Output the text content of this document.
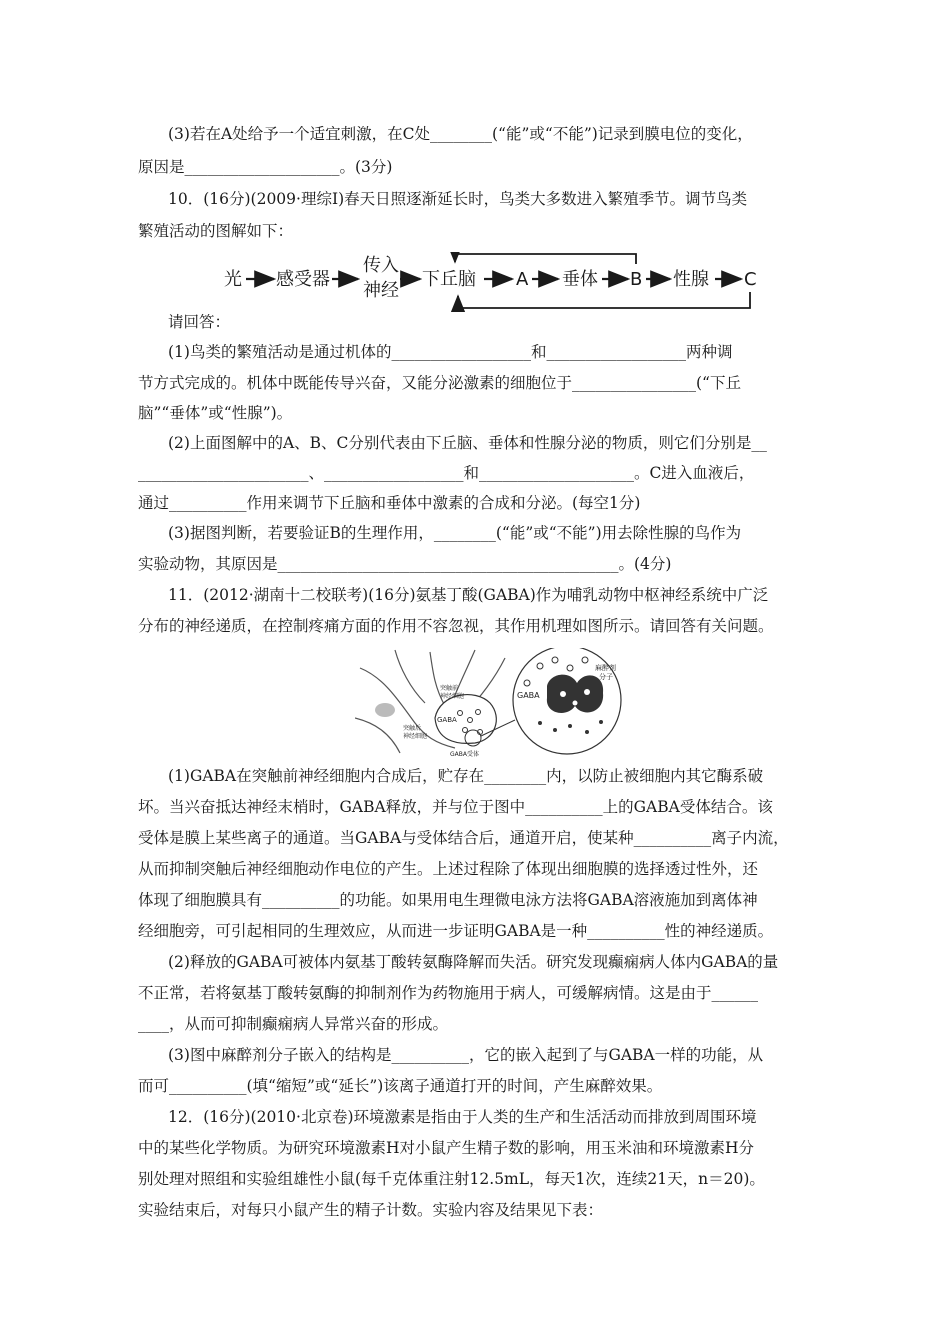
(3)若在A处给予一个适宜刺激，在C处________(“能”或“不能”)记录到膜电位的变化，
原因是____________________。(3分)
10．(16分)(2009·理综Ⅰ)春天日照逐渐延长时，鸟类大多数进入繁殖季节。调节鸟类
繁殖活动的图解如下：
光 感受器
传入
神经
下丘脑 A 垂体 B 性腺 C
请回答：
(1)鸟类的繁殖活动是通过机体的__________________和__________________两种调
节方式完成的。机体中既能传导兴奋，又能分泌激素的细胞位于________________(“下丘
脑”“垂体”或“性腺”)。
(2)上面图解中的A、B、C分别代表由下丘脑、垂体和性腺分泌的物质，则它们分别是__
______________________、__________________和____________________。C进入血液后，
通过__________作用来调节下丘脑和垂体中激素的合成和分泌。(每空1分)
(3)据图判断，若要验证B的生理作用，________(“能”或“不能”)用去除性腺的鸟作为
实验动物，其原因是____________________________________________。(4分)
11．(2012·湖南十二校联考)(16分)氨基丁酸(GABA)作为哺乳动物中枢神经系统中广泛
分布的神经递质，在控制疼痛方面的作用不容忽视，其作用机理如图所示。请回答有关问题。
突触前
神经细胞
GABA
突触后
神经细胞
GABA受体
GABA
麻醉剂
分子
(1)GABA在突触前神经细胞内合成后，贮存在________内，以防止被细胞内其它酶系破
坏。当兴奋抵达神经末梢时，GABA释放，并与位于图中__________上的GABA受体结合。该
受体是膜上某些离子的通道。当GABA与受体结合后，通道开启，使某种__________离子内流，
从而抑制突触后神经细胞动作电位的产生。上述过程除了体现出细胞膜的选择透过性外，还
体现了细胞膜具有__________的功能。如果用电生理微电泳方法将GABA溶液施加到离体神
经细胞旁，可引起相同的生理效应，从而进一步证明GABA是一种__________性的神经递质。
(2)释放的GABA可被体内氨基丁酸转氨酶降解而失活。研究发现癫痫病人体内GABA的量
不正常，若将氨基丁酸转氨酶的抑制剂作为药物施用于病人，可缓解病情。这是由于______
____，从而可抑制癫痫病人异常兴奋的形成。
(3)图中麻醉剂分子嵌入的结构是__________，它的嵌入起到了与GABA一样的功能，从
而可__________(填“缩短”或“延长”)该离子通道打开的时间，产生麻醉效果。
12．(16分)(2010·北京卷)环境激素是指由于人类的生产和生活活动而排放到周围环境
中的某些化学物质。为研究环境激素H对小鼠产生精子数的影响，用玉米油和环境激素H分
别处理对照组和实验组雄性小鼠(每千克体重注射12.5mL，每天1次，连续21天，n＝20)。
实验结束后，对每只小鼠产生的精子计数。实验内容及结果见下表：
